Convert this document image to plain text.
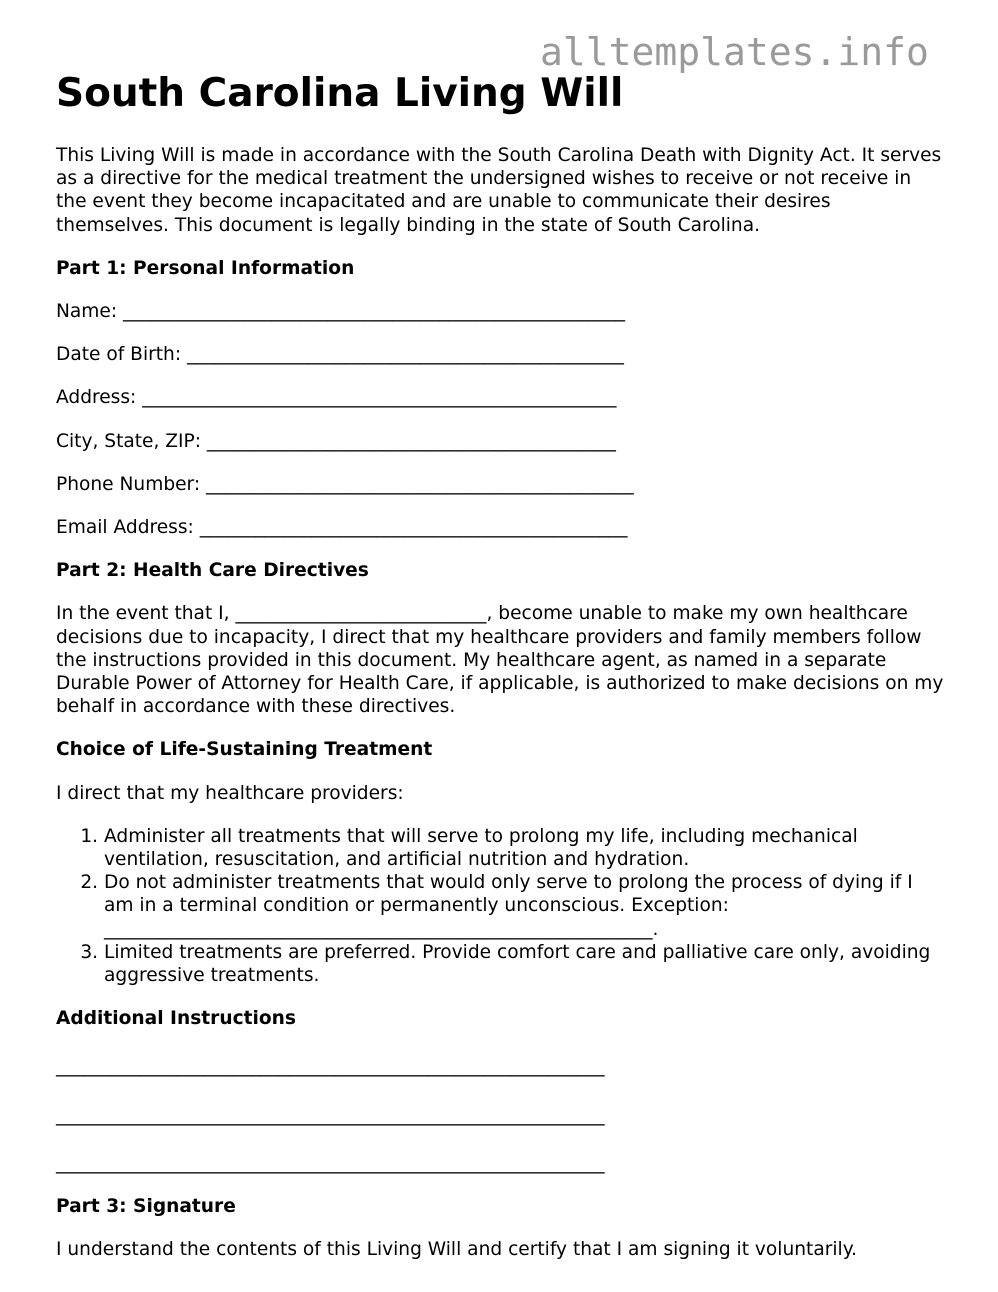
alltemplates.info
South Carolina Living Will

This Living Will is made in accordance with the South Carolina Death with Dignity Act. It serves as a directive for the medical treatment the undersigned wishes to receive or not receive in the event they become incapacitated and are unable to communicate their desires themselves. This document is legally binding in the state of South Carolina.

Part 1: Personal Information

Name: ______________________________________________________

Date of Birth: _______________________________________________

Address: ___________________________________________________

City, State, ZIP: ____________________________________________

Phone Number: ______________________________________________

Email Address: ______________________________________________

Part 2: Health Care Directives

In the event that I, ___________________________, become unable to make my own healthcare decisions due to incapacity, I direct that my healthcare providers and family members follow the instructions provided in this document. My healthcare agent, as named in a separate Durable Power of Attorney for Health Care, if applicable, is authorized to make decisions on my behalf in accordance with these directives.

Choice of Life-Sustaining Treatment

I direct that my healthcare providers:

1. Administer all treatments that will serve to prolong my life, including mechanical ventilation, resuscitation, and artificial nutrition and hydration.
2. Do not administer treatments that would only serve to prolong the process of dying if I am in a terminal condition or permanently unconscious. Exception: ___________________________________________________________.
3. Limited treatments are preferred. Provide comfort care and palliative care only, avoiding aggressive treatments.
Additional Instructions

___________________________________________________________

___________________________________________________________

___________________________________________________________

Part 3: Signature

I understand the contents of this Living Will and certify that I am signing it voluntarily.
